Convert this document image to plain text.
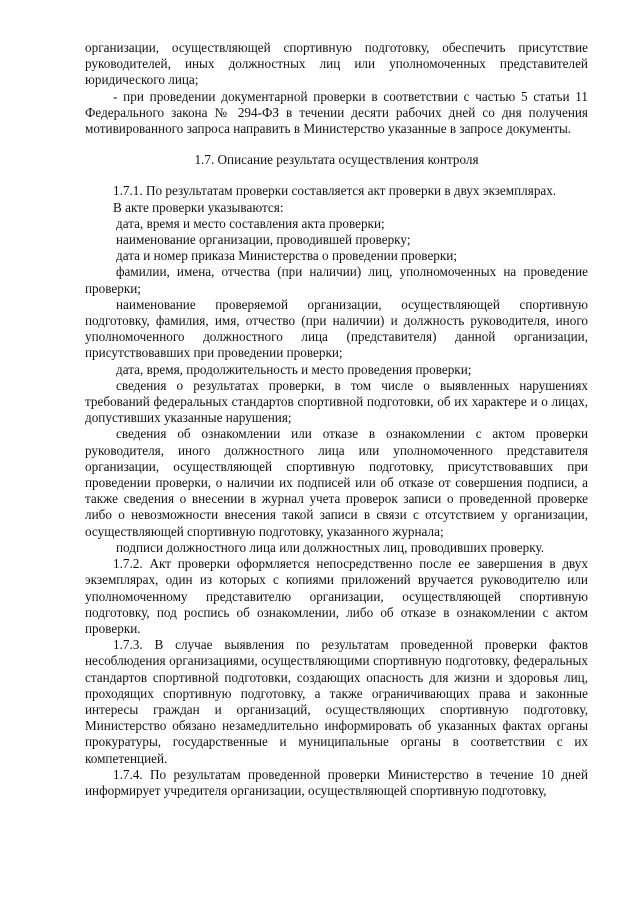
организации, осуществляющей спортивную подготовку, обеспечить присутствие руководителей, иных должностных лиц или уполномоченных представителей юридического лица;

- при проведении документарной проверки в соответствии с частью 5 статьи 11 Федерального закона № 294-ФЗ в течении десяти рабочих дней со дня получения мотивированного запроса направить в Министерство указанные в запросе документы.

1.7. Описание результата осуществления контроля

1.7.1. По результатам проверки составляется акт проверки в двух экземплярах.

В акте проверки указываются:

дата, время и место составления акта проверки;

наименование организации, проводившей проверку;

дата и номер приказа Министерства о проведении проверки;

фамилии, имена, отчества (при наличии) лиц, уполномоченных на проведение проверки;

наименование проверяемой организации, осуществляющей спортивную подготовку, фамилия, имя, отчество (при наличии) и должность руководителя, иного уполномоченного должностного лица (представителя) данной организации, присутствовавших при проведении проверки;

дата, время, продолжительность и место проведения проверки;

сведения о результатах проверки, в том числе о выявленных нарушениях требований федеральных стандартов спортивной подготовки, об их характере и о лицах, допустивших указанные нарушения;

сведения об ознакомлении или отказе в ознакомлении с актом проверки руководителя, иного должностного лица или уполномоченного представителя организации, осуществляющей спортивную подготовку, присутствовавших при проведении проверки, о наличии их подписей или об отказе от совершения подписи, а также сведения о внесении в журнал учета проверок записи о проведенной проверке либо о невозможности внесения такой записи в связи с отсутствием у организации, осуществляющей спортивную подготовку, указанного журнала;

подписи должностного лица или должностных лиц, проводивших проверку.

1.7.2. Акт проверки оформляется непосредственно после ее завершения в двух экземплярах, один из которых с копиями приложений вручается руководителю или уполномоченному представителю организации, осуществляющей спортивную подготовку, под роспись об ознакомлении, либо об отказе в ознакомлении с актом проверки.

1.7.3. В случае выявления по результатам проведенной проверки фактов несоблюдения организациями, осуществляющими спортивную подготовку, федеральных стандартов спортивной подготовки, создающих опасность для жизни и здоровья лиц, проходящих спортивную подготовку, а также ограничивающих права и законные интересы граждан и организаций, осуществляющих спортивную подготовку, Министерство обязано незамедлительно информировать об указанных фактах органы прокуратуры, государственные и муниципальные органы в соответствии с их компетенцией.

1.7.4. По результатам проведенной проверки Министерство в течение 10 дней информирует учредителя организации, осуществляющей спортивную подготовку,
